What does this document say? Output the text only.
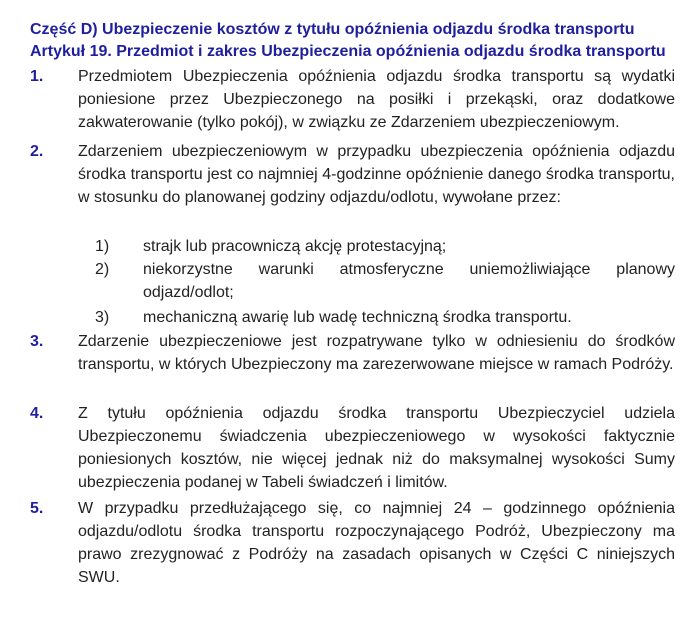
Część D) Ubezpieczenie kosztów z tytułu opóźnienia odjazdu środka transportu
Artykuł 19. Przedmiot i zakres Ubezpieczenia opóźnienia odjazdu środka transportu
1. Przedmiotem Ubezpieczenia opóźnienia odjazdu środka transportu są wydatki poniesione przez Ubezpieczonego na posiłki i przekąski, oraz dodatkowe zakwaterowanie (tylko pokój), w związku ze Zdarzeniem ubezpieczeniowym.
2. Zdarzeniem ubezpieczeniowym w przypadku ubezpieczenia opóźnienia odjazdu środka transportu jest co najmniej 4-godzinne opóźnienie danego środka transportu, w stosunku do planowanej godziny odjazdu/odlotu, wywołane przez:
1) strajk lub pracowniczą akcję protestacyjną;
2) niekorzystne warunki atmosferyczne uniemożliwiające planowy odjazd/odlot;
3) mechaniczną awarię lub wadę techniczną środka transportu.
3. Zdarzenie ubezpieczeniowe jest rozpatrywane tylko w odniesieniu do środków transportu, w których Ubezpieczony ma zarezerwowane miejsce w ramach Podróży.
4. Z tytułu opóźnienia odjazdu środka transportu Ubezpieczyciel udziela Ubezpieczonemu świadczenia ubezpieczeniowego w wysokości faktycznie poniesionych kosztów, nie więcej jednak niż do maksymalnej wysokości Sumy ubezpieczenia podanej w Tabeli świadczeń i limitów.
5. W przypadku przedłużającego się, co najmniej 24 – godzinnego opóźnienia odjazdu/odlotu środka transportu rozpoczynającego Podróż, Ubezpieczony ma prawo zrezygnować z Podróży na zasadach opisanych w Części C niniejszych SWU.
